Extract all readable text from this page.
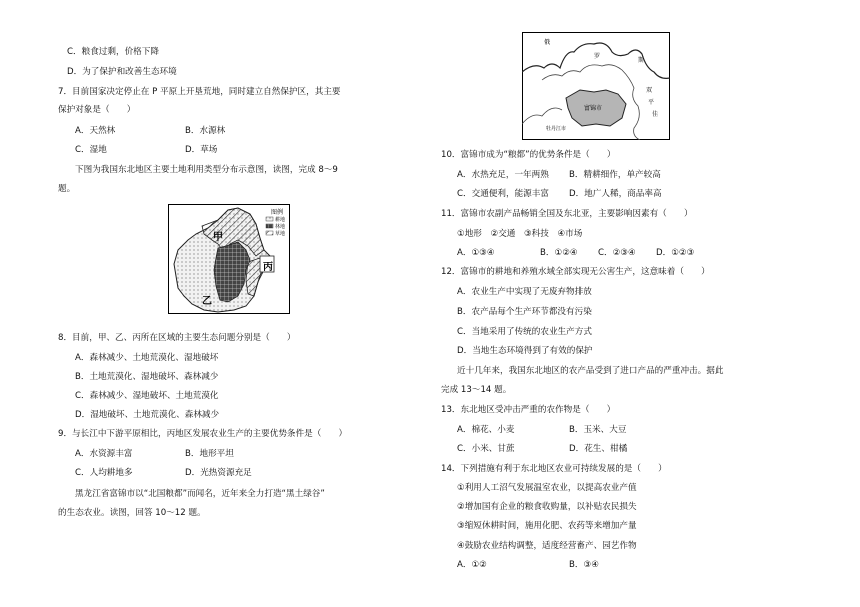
C．粮食过剩，价格下降
D．为了保护和改善生态环境
7．目前国家决定停止在 P 平原上开垦荒地，同时建立自然保护区，其主要
保护对象是（　　）
A．天然林	B．水源林
C．湿地	D．草场
下图为我国东北地区主要土地利用类型分布示意图，读图，完成 8～9
题。
8．目前，甲、乙、丙所在区域的主要生态问题分别是（　　）
A．森林减少、土地荒漠化、湿地破坏
B．土地荒漠化、湿地破坏、森林减少
C．森林减少、湿地破坏、土地荒漠化
D．湿地破坏、土地荒漠化、森林减少
9．与长江中下游平原相比，丙地区发展农业生产的主要优势条件是（　　）
A．水资源丰富	B．地形平坦
C．人均耕地多	D．光热资源充足
黑龙江省富锦市以“北国粮都”而闻名，近年来全力打造“黑土绿谷”
的生态农业。读图，回答 10～12 题。
10．富锦市成为“粮都”的优势条件是（　　）
A．水热充足，一年两熟 B．精耕细作，单产较高
C．交通便利，能源丰富 D．地广人稀，商品率高
11．富锦市农副产品畅销全国及东北亚，主要影响因素有（　　）
①地形　②交通　③科技　④市场
A．①③④	B．①②④ C．②③④ D．①②③
12．富锦市的耕地和养殖水域全部实现无公害生产，这意味着（　　）
A．农业生产中实现了无废弃物排放
B．农产品每个生产环节都没有污染
C．当地采用了传统的农业生产方式
D．当地生态环境得到了有效的保护
近十几年来，我国东北地区的农产品受到了进口产品的严重冲击。据此
完成 13～14 题。
13．东北地区受冲击严重的农作物是（　　）
A．棉花、小麦	B．玉米、大豆
C．小米、甘蔗	D．花生、柑橘
14．下列措施有利于东北地区农业可持续发展的是（　　）
①利用人工沼气发展温室农业，以提高农业产值
②增加国有企业的粮食收购量，以补贴农民损失
③缩短休耕时间，施用化肥、农药等来增加产量
④鼓励农业结构调整，适度经营畜产、园艺作物
A．①②	B．③④
图例
耕地
林地
草地
甲
乙
丙
富锦市
俄
罗
斯
双
平
佳
牡丹江市
